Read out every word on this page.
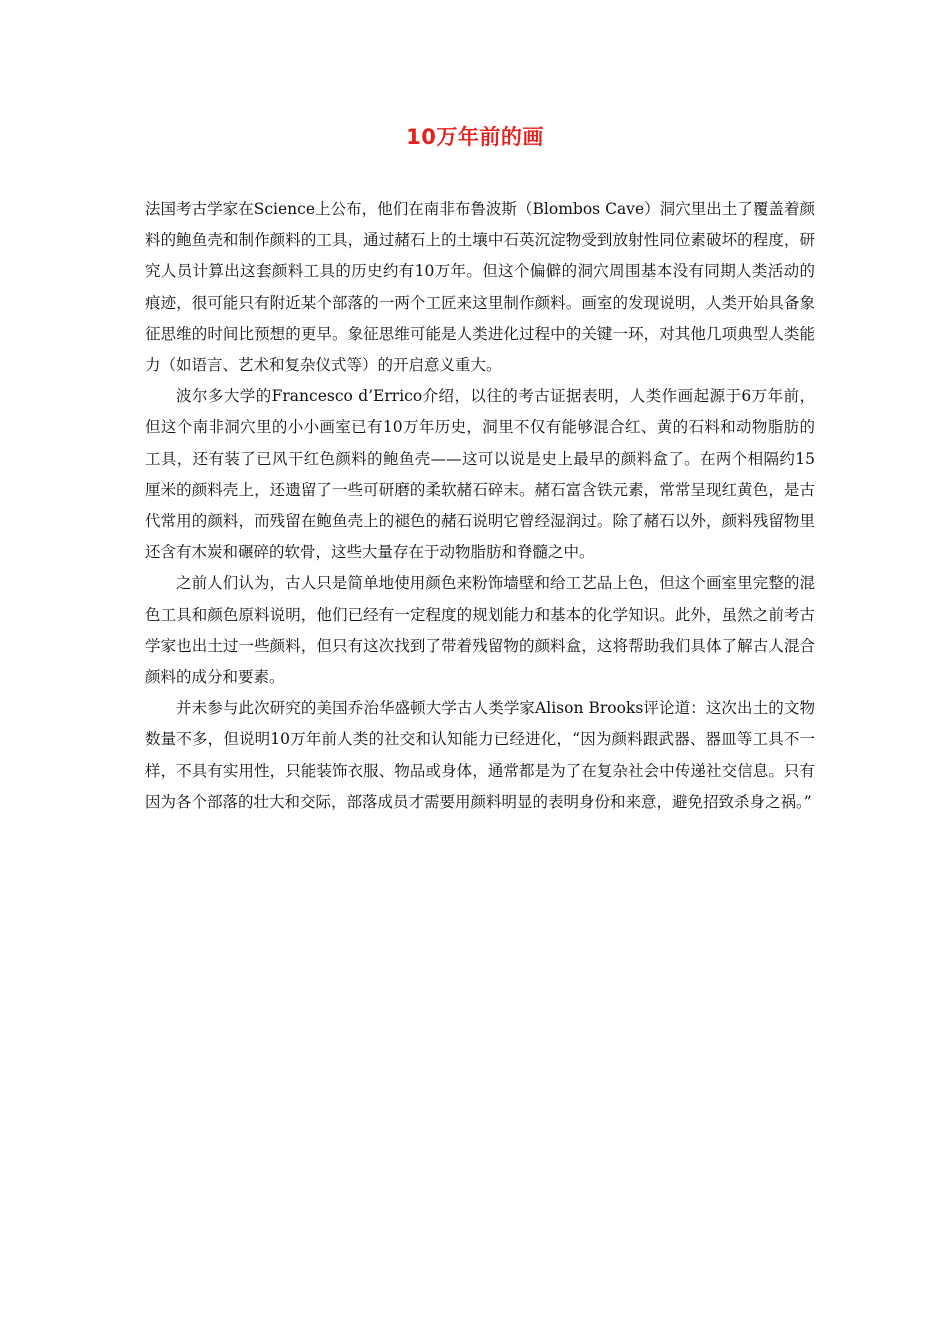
10万年前的画

法国考古学家在Science上公布，他们在南非布鲁波斯（Blombos Cave）洞穴里出土了覆盖着颜料的鲍鱼壳和制作颜料的工具，通过赭石上的土壤中石英沉淀物受到放射性同位素破坏的程度，研究人员计算出这套颜料工具的历史约有10万年。但这个偏僻的洞穴周围基本没有同期人类活动的痕迹，很可能只有附近某个部落的一两个工匠来这里制作颜料。画室的发现说明，人类开始具备象征思维的时间比预想的更早。象征思维可能是人类进化过程中的关键一环，对其他几项典型人类能力（如语言、艺术和复杂仪式等）的开启意义重大。

波尔多大学的Francesco d’Errico介绍，以往的考古证据表明，人类作画起源于6万年前，但这个南非洞穴里的小小画室已有10万年历史，洞里不仅有能够混合红、黄的石料和动物脂肪的工具，还有装了已风干红色颜料的鲍鱼壳——这可以说是史上最早的颜料盒了。在两个相隔约15厘米的颜料壳上，还遗留了一些可研磨的柔软赭石碎末。赭石富含铁元素，常常呈现红黄色，是古代常用的颜料，而残留在鲍鱼壳上的褪色的赭石说明它曾经湿润过。除了赭石以外，颜料残留物里还含有木炭和碾碎的软骨，这些大量存在于动物脂肪和脊髓之中。

之前人们认为，古人只是简单地使用颜色来粉饰墙壁和给工艺品上色，但这个画室里完整的混色工具和颜色原料说明，他们已经有一定程度的规划能力和基本的化学知识。此外，虽然之前考古学家也出土过一些颜料，但只有这次找到了带着残留物的颜料盒，这将帮助我们具体了解古人混合颜料的成分和要素。

并未参与此次研究的美国乔治华盛顿大学古人类学家Alison Brooks评论道：这次出土的文物数量不多，但说明10万年前人类的社交和认知能力已经进化，“因为颜料跟武器、器皿等工具不一样，不具有实用性，只能装饰衣服、物品或身体，通常都是为了在复杂社会中传递社交信息。只有因为各个部落的壮大和交际，部落成员才需要用颜料明显的表明身份和来意，避免招致杀身之祸。”
